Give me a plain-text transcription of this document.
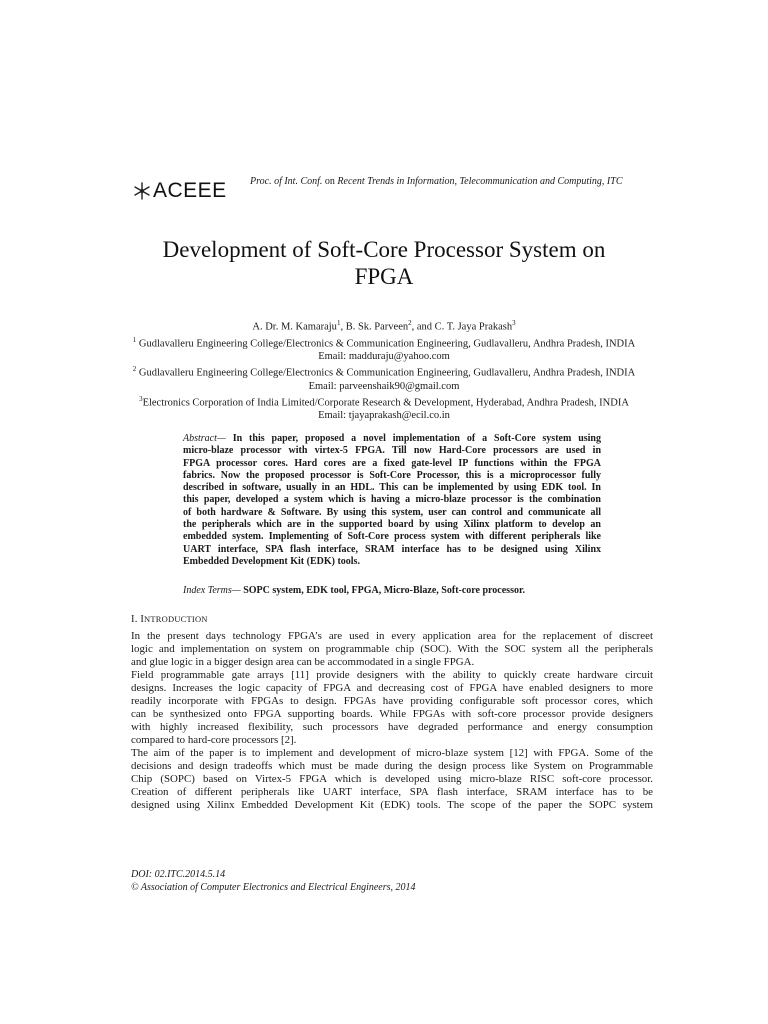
ACEEE Proc. of Int. Conf. on Recent Trends in Information, Telecommunication and Computing, ITC
Development of Soft-Core Processor System on
FPGA
A. Dr. M. Kamaraju$^1$, B. Sk. Parveen$^2$, and C. T. Jaya Prakash$^3$
$^1$ Gudlavalleru Engineering College/Electronics & Communication Engineering, Gudlavalleru, Andhra Pradesh, INDIA
Email: madduraju@yahoo.com
$^2$ Gudlavalleru Engineering College/Electronics & Communication Engineering, Gudlavalleru, Andhra Pradesh, INDIA
Email: parveenshaik90@gmail.com
$^3$Electronics Corporation of India Limited/Corporate Research & Development, Hyderabad, Andhra Pradesh, INDIA
Email: tjayaprakash@ecil.co.in
Abstract— In this paper, proposed a novel implementation of a Soft-Core system using
micro-blaze processor with virtex-5 FPGA. Till now Hard-Core processors are used in
FPGA processor cores. Hard cores are a fixed gate-level IP functions within the FPGA
fabrics. Now the proposed processor is Soft-Core Processor, this is a microprocessor fully
described in software, usually in an HDL. This can be implemented by using EDK tool. In
this paper, developed a system which is having a micro-blaze processor is the combination
of both hardware & Software. By using this system, user can control and communicate all
the peripherals which are in the supported board by using Xilinx platform to develop an
embedded system. Implementing of Soft-Core process system with different peripherals like
UART interface, SPA flash interface, SRAM interface has to be designed using Xilinx
Embedded Development Kit (EDK) tools.
Index Terms— SOPC system, EDK tool, FPGA, Micro-Blaze, Soft-core processor.
I. INTRODUCTION
In the present days technology FPGA’s are used in every application area for the replacement of discreet
logic and implementation on system on programmable chip (SOC). With the SOC system all the peripherals
and glue logic in a bigger design area can be accommodated in a single FPGA.
Field programmable gate arrays [11] provide designers with the ability to quickly create hardware circuit
designs. Increases the logic capacity of FPGA and decreasing cost of FPGA have enabled designers to more
readily incorporate with FPGAs to design. FPGAs have providing configurable soft processor cores, which
can be synthesized onto FPGA supporting boards. While FPGAs with soft-core processor provide designers
with highly increased flexibility, such processors have degraded performance and energy consumption
compared to hard-core processors [2].
The aim of the paper is to implement and development of micro-blaze system [12] with FPGA. Some of the
decisions and design tradeoffs which must be made during the design process like System on Programmable
Chip (SOPC) based on Virtex-5 FPGA which is developed using micro-blaze RISC soft-core processor.
Creation of different peripherals like UART interface, SPA flash interface, SRAM interface has to be
designed using Xilinx Embedded Development Kit (EDK) tools. The scope of the paper the SOPC system
DOI: 02.ITC.2014.5.14
© Association of Computer Electronics and Electrical Engineers, 2014
